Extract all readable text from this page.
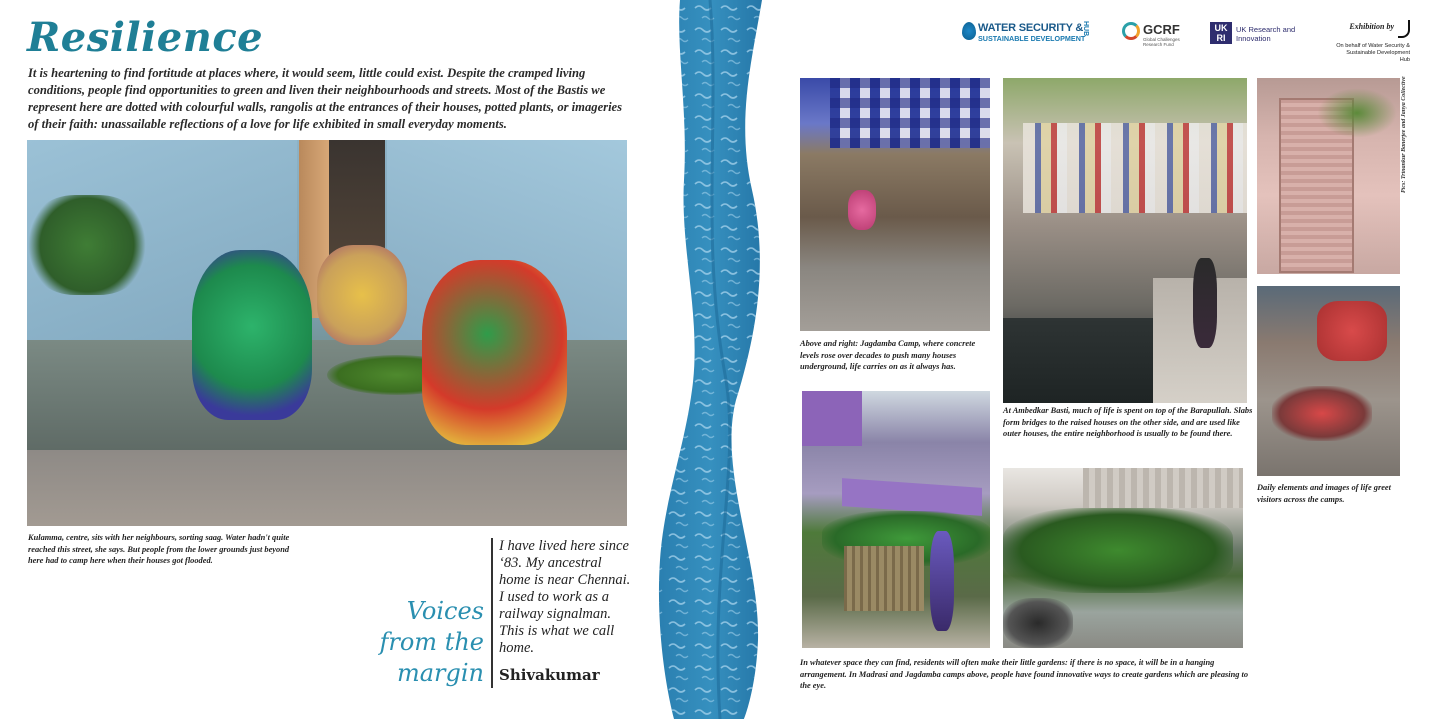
Resilience

It is heartening to find fortitude at places where, it would seem, little could exist. Despite the cramped living conditions, people find opportunities to green and liven their neighbourhoods and streets. Most of the Bastis we represent here are dotted with colourful walls, rangolis at the entrances of their houses, potted plants, or imageries of their faith: unassailable reflections of a love for life exhibited in small everyday moments.

Kulamma, centre, sits with her neighbours, sorting saag. Water hadn't quite reached this street, she says. But people from the lower grounds just beyond here had to camp here when their houses got flooded.

Voices from the margin

I have lived here since ‘83. My ancestral home is near Chennai. I used to work as a railway signalman. This is what we call home.

Shivakumar
WATER SECURITY &
SUSTAINABLE DEVELOPMENT
HUB	GCRF
Global Challenges Research Fund
UK RI
UK Research and Innovation
Exhibition by
On behalf of Water Security & Sustainable Development Hub

Above and right: Jagdamba Camp, where concrete levels rose over decades to push many houses underground, life carries on as it always has.

At Ambedkar Basti, much of life is spent on top of the Barapullah. Slabs form bridges to the raised houses on the other side, and are used like outer houses, the entire neighborhood is usually to be found there.

Pics: Trinankur Banerjee and Janya Collective

Daily elements and images of life greet visitors across the camps.

In whatever space they can find, residents will often make their little gardens: if there is no space, it will be in a hanging arrangement. In Madrasi and Jagdamba camps above, people have found innovative ways to create gardens which are pleasing to the eye.
